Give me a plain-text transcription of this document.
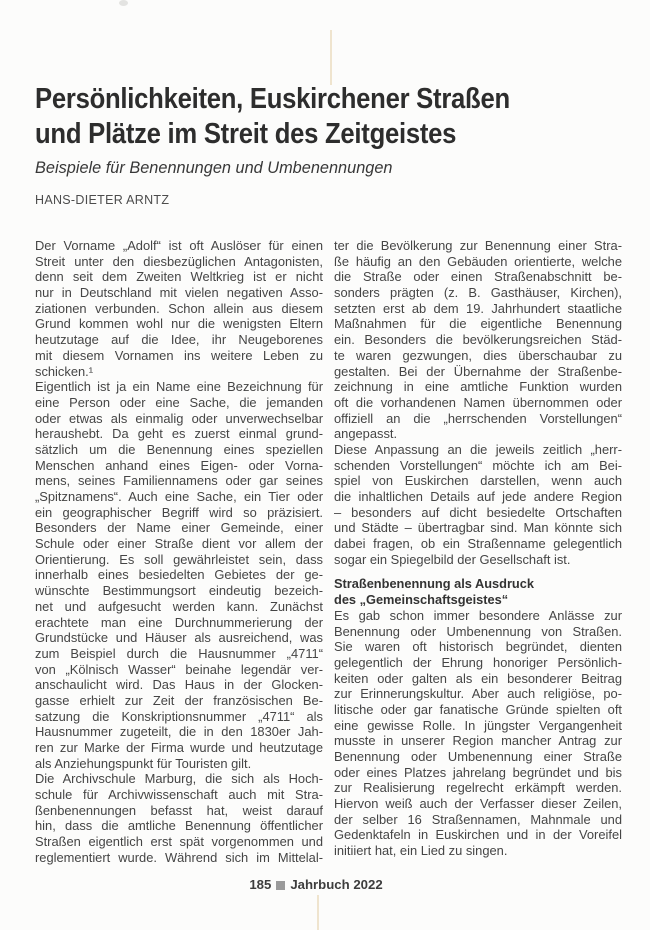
Persönlichkeiten, Euskirchener Straßen
und Plätze im Streit des Zeitgeistes
Beispiele für Benennungen und Umbenennungen
HANS-DIETER ARNTZ
Der Vorname „Adolf“ ist oft Auslöser für einen
Streit unter den diesbezüglichen Antagonisten,
denn seit dem Zweiten Weltkrieg ist er nicht
nur in Deutschland mit vielen negativen Asso-
ziationen verbunden. Schon allein aus diesem
Grund kommen wohl nur die wenigsten Eltern
heutzutage auf die Idee, ihr Neugeborenes
mit diesem Vornamen ins weitere Leben zu
schicken.¹
Eigentlich ist ja ein Name eine Bezeichnung für
eine Person oder eine Sache, die jemanden
oder etwas als einmalig oder unverwechselbar
heraushebt. Da geht es zuerst einmal grund-
sätzlich um die Benennung eines speziellen
Menschen anhand eines Eigen- oder Vorna-
mens, seines Familiennamens oder gar seines
„Spitznamens“. Auch eine Sache, ein Tier oder
ein geographischer Begriff wird so präzisiert.
Besonders der Name einer Gemeinde, einer
Schule oder einer Straße dient vor allem der
Orientierung. Es soll gewährleistet sein, dass
innerhalb eines besiedelten Gebietes der ge-
wünschte Bestimmungsort eindeutig bezeich-
net und aufgesucht werden kann. Zunächst
erachtete man eine Durchnummerierung der
Grundstücke und Häuser als ausreichend, was
zum Beispiel durch die Hausnummer „4711“
von „Kölnisch Wasser“ beinahe legendär ver-
anschaulicht wird. Das Haus in der Glocken-
gasse erhielt zur Zeit der französischen Be-
satzung die Konskriptionsnummer „4711“ als
Hausnummer zugeteilt, die in den 1830er Jah-
ren zur Marke der Firma wurde und heutzutage
als Anziehungspunkt für Touristen gilt.
Die Archivschule Marburg, die sich als Hoch-
schule für Archivwissenschaft auch mit Stra-
ßenbenennungen befasst hat, weist darauf
hin, dass die amtliche Benennung öffentlicher
Straßen eigentlich erst spät vorgenommen und
reglementiert wurde. Während sich im Mittelal-
ter die Bevölkerung zur Benennung einer Stra-
ße häufig an den Gebäuden orientierte, welche
die Straße oder einen Straßenabschnitt be-
sonders prägten (z. B. Gasthäuser, Kirchen),
setzten erst ab dem 19. Jahrhundert staatliche
Maßnahmen für die eigentliche Benennung
ein. Besonders die bevölkerungsreichen Städ-
te waren gezwungen, dies überschaubar zu
gestalten. Bei der Übernahme der Straßenbe-
zeichnung in eine amtliche Funktion wurden
oft die vorhandenen Namen übernommen oder
offiziell an die „herrschenden Vorstellungen“
angepasst.
Diese Anpassung an die jeweils zeitlich „herr-
schenden Vorstellungen“ möchte ich am Bei-
spiel von Euskirchen darstellen, wenn auch
die inhaltlichen Details auf jede andere Region
– besonders auf dicht besiedelte Ortschaften
und Städte – übertragbar sind. Man könnte sich
dabei fragen, ob ein Straßenname gelegentlich
sogar ein Spiegelbild der Gesellschaft ist.
Straßenbenennung als Ausdruck
des „Gemeinschaftsgeistes“
Es gab schon immer besondere Anlässe zur
Benennung oder Umbenennung von Straßen.
Sie waren oft historisch begründet, dienten
gelegentlich der Ehrung honoriger Persönlich-
keiten oder galten als ein besonderer Beitrag
zur Erinnerungskultur. Aber auch religiöse, po-
litische oder gar fanatische Gründe spielten oft
eine gewisse Rolle. In jüngster Vergangenheit
musste in unserer Region mancher Antrag zur
Benennung oder Umbenennung einer Straße
oder eines Platzes jahrelang begründet und bis
zur Realisierung regelrecht erkämpft werden.
Hiervon weiß auch der Verfasser dieser Zeilen,
der selber 16 Straßennamen, Mahnmale und
Gedenktafeln in Euskirchen und in der Voreifel
initiiert hat, ein Lied zu singen.
185 Jahrbuch 2022
